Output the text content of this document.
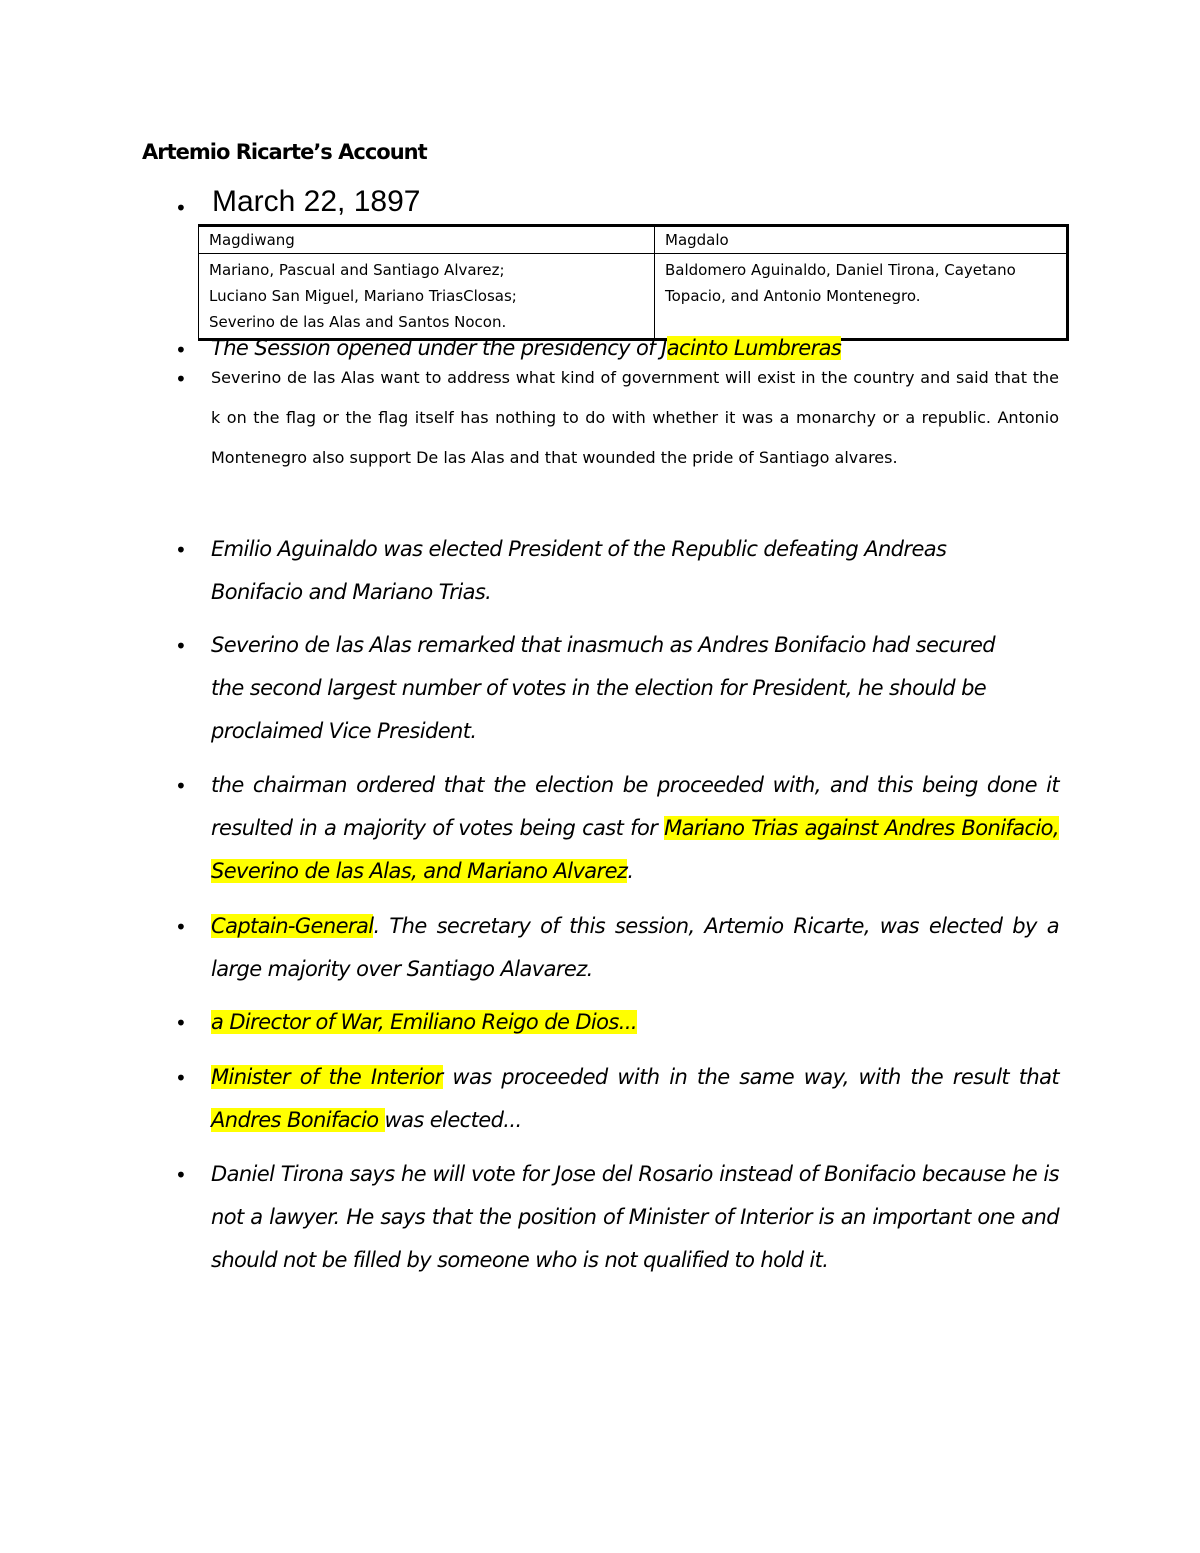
Artemio Ricarte’s Account
• March 22, 1897
Magdiwang	Magdalo

Mariano, Pascual and Santiago Alvarez;
Luciano San Miguel, Mariano TriasClosas;
Severino de las Alas and Santos Nocon.	Baldomero Aguinaldo, Daniel Tirona, Cayetano
Topacio, and Antonio Montenegro.
• The Session opened under the presidency of Jacinto Lumbreras
• Severino de las Alas want to address what kind of government will exist in the country and said that the k on the flag or the flag itself has nothing to do with whether it was a monarchy or a republic. Antonio Montenegro also support De las Alas and that wounded the pride of Santiago alvares.
• Emilio Aguinaldo was elected President of the Republic defeating Andreas
Bonifacio and Mariano Trias.
• Severino de las Alas remarked that inasmuch as Andres Bonifacio had secured
the second largest number of votes in the election for President, he should be
proclaimed Vice President.
• the chairman ordered that the election be proceeded with, and this being done it resulted in a majority of votes being cast for Mariano Trias against Andres Bonifacio, Severino de las Alas, and Mariano Alvarez.
• Captain-General. The secretary of this session, Artemio Ricarte, was elected by a large majority over Santiago Alavarez.
• a Director of War, Emiliano Reigo de Dios...
• Minister of the Interior was proceeded with in the same way, with the result that Andres Bonifacio was elected...
• Daniel Tirona says he will vote for Jose del Rosario instead of Bonifacio because he is not a lawyer. He says that the position of Minister of Interior is an important one and should not be filled by someone who is not qualified to hold it.
